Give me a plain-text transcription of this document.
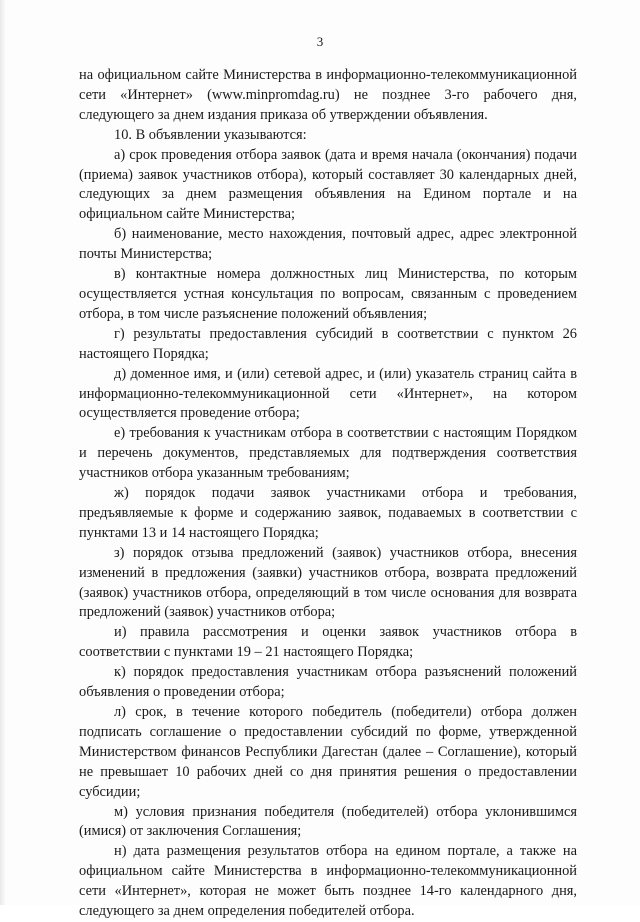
3

на официальном сайте Министерства в информационно-телекоммуникационной сети «Интернет» (www.minpromdag.ru) не позднее 3-го рабочего дня, следующего за днем издания приказа об утверждении объявления.

10. В объявлении указываются:

а) срок проведения отбора заявок (дата и время начала (окончания) подачи (приема) заявок участников отбора), который составляет 30 календарных дней, следующих за днем размещения объявления на Едином портале и на официальном сайте Министерства;

б) наименование, место нахождения, почтовый адрес, адрес электронной почты Министерства;

в) контактные номера должностных лиц Министерства, по которым осуществляется устная консультация по вопросам, связанным с проведением отбора, в том числе разъяснение положений объявления;

г) результаты предоставления субсидий в соответствии с пунктом 26 настоящего Порядка;

д) доменное имя, и (или) сетевой адрес, и (или) указатель страниц сайта в информационно-телекоммуникационной сети «Интернет», на котором осуществляется проведение отбора;

е) требования к участникам отбора в соответствии с настоящим Порядком и перечень документов, представляемых для подтверждения соответствия участников отбора указанным требованиям;

ж) порядок подачи заявок участниками отбора и требования, предъявляемые к форме и содержанию заявок, подаваемых в соответствии с пунктами 13 и 14 настоящего Порядка;

з) порядок отзыва предложений (заявок) участников отбора, внесения изменений в предложения (заявки) участников отбора, возврата предложений (заявок) участников отбора, определяющий в том числе основания для возврата предложений (заявок) участников отбора;

и) правила рассмотрения и оценки заявок участников отбора в соответствии с пунктами 19 – 21 настоящего Порядка;

к) порядок предоставления участникам отбора разъяснений положений объявления о проведении отбора;

л) срок, в течение которого победитель (победители) отбора должен подписать соглашение о предоставлении субсидий по форме, утвержденной Министерством финансов Республики Дагестан (далее – Соглашение), который не превышает 10 рабочих дней со дня принятия решения о предоставлении субсидии;

м) условия признания победителя (победителей) отбора уклонившимся (имися) от заключения Соглашения;

н) дата размещения результатов отбора на едином портале, а также на официальном сайте Министерства в информационно-телекоммуникационной сети «Интернет», которая не может быть позднее 14-го календарного дня, следующего за днем определения победителей отбора.
